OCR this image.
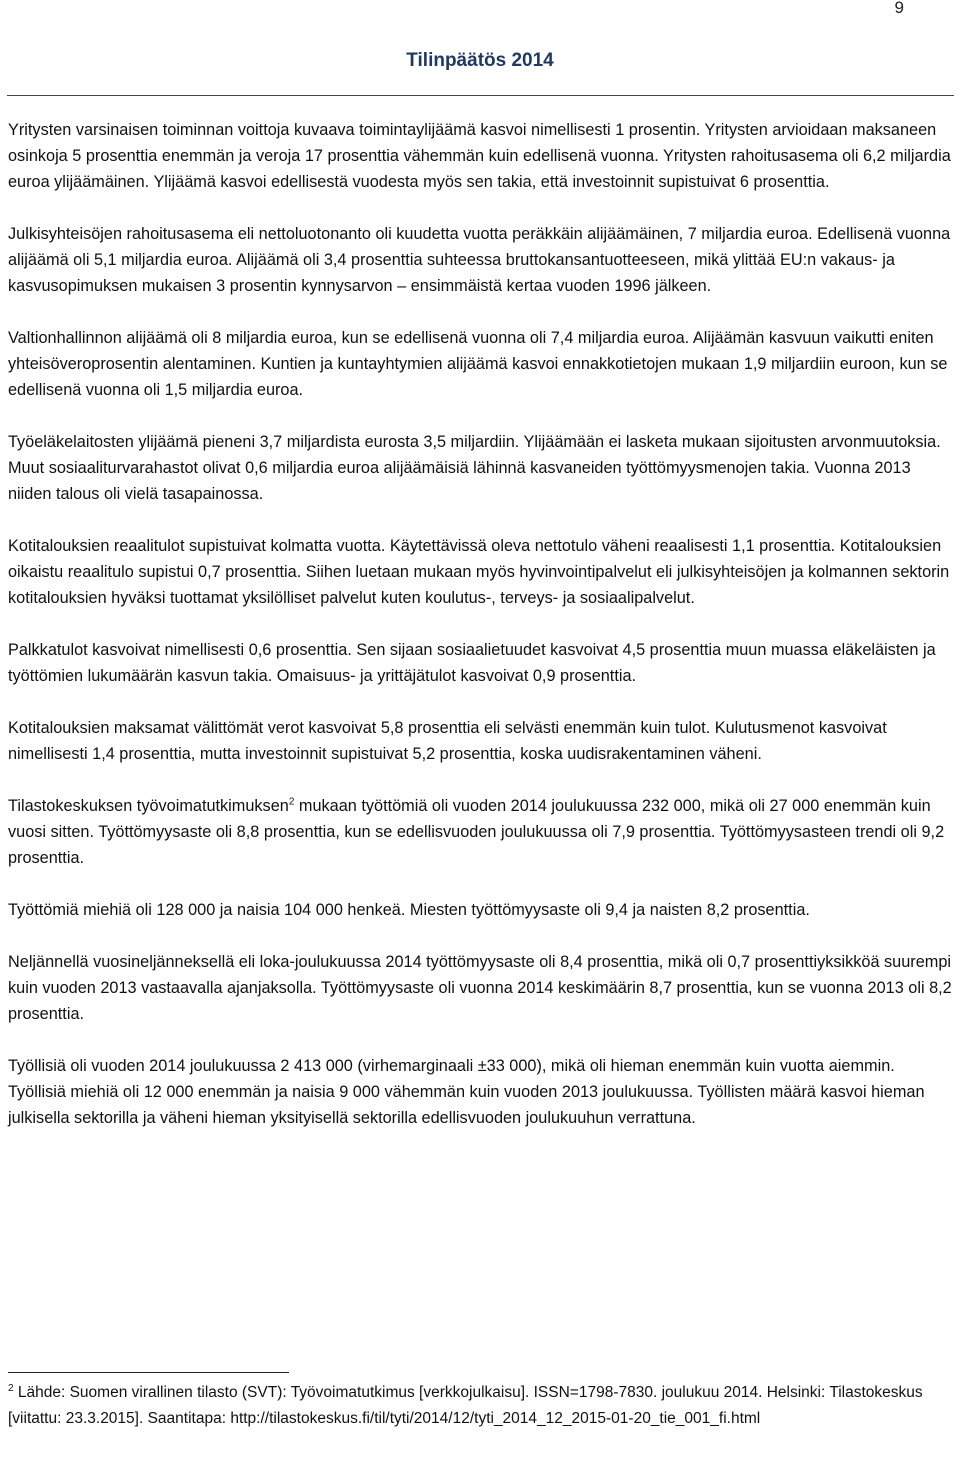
9
Tilinpäätös 2014

Yritysten varsinaisen toiminnan voittoja kuvaava toimintaylijäämä kasvoi nimellisesti 1 prosentin. Yritysten arvioidaan maksaneen osinkoja 5 prosenttia enemmän ja veroja 17 prosenttia vähemmän kuin edellisenä vuonna. Yritysten rahoitusasema oli 6,2 miljardia euroa ylijäämäinen. Ylijäämä kasvoi edellisestä vuodesta myös sen takia, että investoinnit supistuivat 6 prosenttia.

Julkisyhteisöjen rahoitusasema eli nettoluotonanto oli kuudetta vuotta peräkkäin alijäämäinen, 7 miljardia euroa. Edellisenä vuonna alijäämä oli 5,1 miljardia euroa. Alijäämä oli 3,4 prosenttia suhteessa bruttokansantuotteeseen, mikä ylittää EU:n vakaus- ja kasvusopimuksen mukaisen 3 prosentin kynnysarvon – ensimmäistä kertaa vuoden 1996 jälkeen.

Valtionhallinnon alijäämä oli 8 miljardia euroa, kun se edellisenä vuonna oli 7,4 miljardia euroa. Alijäämän kasvuun vaikutti eniten yhteisöveroprosentin alentaminen. Kuntien ja kuntayhtymien alijäämä kasvoi ennakkotietojen mukaan 1,9 miljardiin euroon, kun se edellisenä vuonna oli 1,5 miljardia euroa.

Työeläkelaitosten ylijäämä pieneni 3,7 miljardista eurosta 3,5 miljardiin. Ylijäämään ei lasketa mukaan sijoitusten arvonmuutoksia. Muut sosiaaliturvarahastot olivat 0,6 miljardia euroa alijäämäisiä lähinnä kasvaneiden työttömyysmenojen takia. Vuonna 2013 niiden talous oli vielä tasapainossa.

Kotitalouksien reaalitulot supistuivat kolmatta vuotta. Käytettävissä oleva nettotulo väheni reaalisesti 1,1 prosenttia. Kotitalouksien oikaistu reaalitulo supistui 0,7 prosenttia. Siihen luetaan mukaan myös hyvinvointipalvelut eli julkisyhteisöjen ja kolmannen sektorin kotitalouksien hyväksi tuottamat yksilölliset palvelut kuten koulutus-, terveys- ja sosiaalipalvelut.

Palkkatulot kasvoivat nimellisesti 0,6 prosenttia. Sen sijaan sosiaalietuudet kasvoivat 4,5 prosenttia muun muassa eläkeläisten ja työttömien lukumäärän kasvun takia. Omaisuus- ja yrittäjätulot kasvoivat 0,9 prosenttia.

Kotitalouksien maksamat välittömät verot kasvoivat 5,8 prosenttia eli selvästi enemmän kuin tulot. Kulutusmenot kasvoivat nimellisesti 1,4 prosenttia, mutta investoinnit supistuivat 5,2 prosenttia, koska uudisrakentaminen väheni.

Tilastokeskuksen työvoimatutkimuksen$^2$ mukaan työttömiä oli vuoden 2014 joulukuussa 232 000, mikä oli 27 000 enemmän kuin vuosi sitten. Työttömyysaste oli 8,8 prosenttia, kun se edellisvuoden joulukuussa oli 7,9 prosenttia. Työttömyysasteen trendi oli 9,2 prosenttia.

Työttömiä miehiä oli 128 000 ja naisia 104 000 henkeä. Miesten työttömyysaste oli 9,4 ja naisten 8,2 prosenttia.

Neljännellä vuosineljänneksellä eli loka-joulukuussa 2014 työttömyysaste oli 8,4 prosenttia, mikä oli 0,7 prosenttiyksikköä suurempi kuin vuoden 2013 vastaavalla ajanjaksolla. Työttömyysaste oli vuonna 2014 keskimäärin 8,7 prosenttia, kun se vuonna 2013 oli 8,2 prosenttia.

Työllisiä oli vuoden 2014 joulukuussa 2 413 000 (virhemarginaali ±33 000), mikä oli hieman enemmän kuin vuotta aiemmin. Työllisiä miehiä oli 12 000 enemmän ja naisia 9 000 vähemmän kuin vuoden 2013 joulukuussa. Työllisten määrä kasvoi hieman julkisella sektorilla ja väheni hieman yksityisellä sektorilla edellisvuoden joulukuuhun verrattuna.

$^2$ Lähde: Suomen virallinen tilasto (SVT): Työvoimatutkimus [verkkojulkaisu]. ISSN=1798-7830. joulukuu 2014. Helsinki: Tilastokeskus [viitattu: 23.3.2015]. Saantitapa: http://tilastokeskus.fi/til/tyti/2014/12/tyti_2014_12_2015-01-20_tie_001_fi.html
